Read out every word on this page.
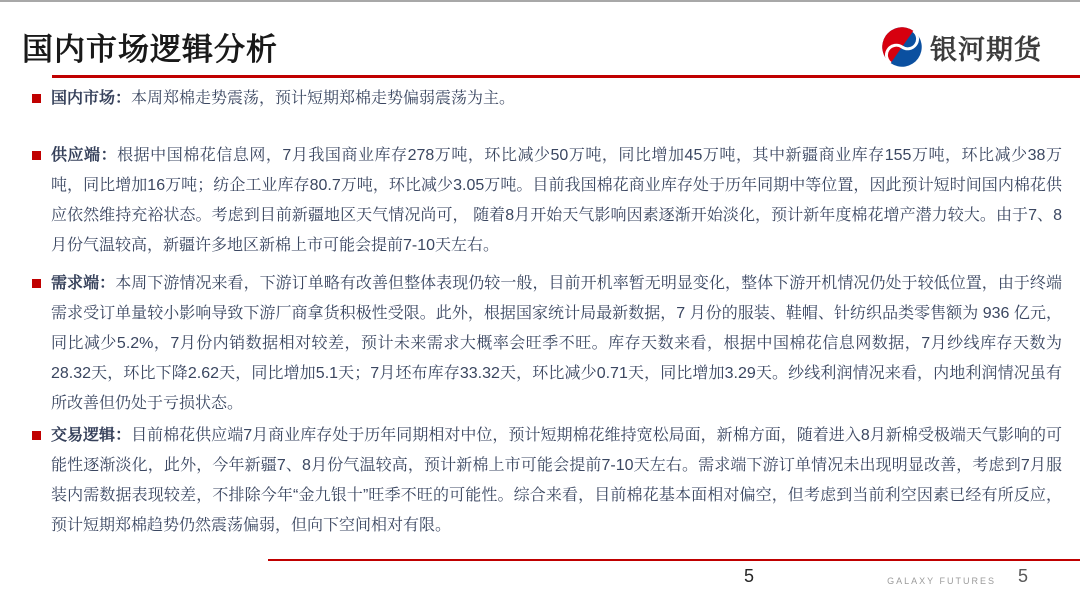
国内市场逻辑分析	银河期货

国内市场：本周郑棉走势震荡，预计短期郑棉走势偏弱震荡为主。

供应端：根据中国棉花信息网，7月我国商业库存278万吨，环比减少50万吨，同比增加45万吨，其中新疆商业库存155万吨，环比减少38万吨，同比增加16万吨；纺企工业库存80.7万吨，环比减少3.05万吨。目前我国棉花商业库存处于历年同期中等位置，因此预计短时间国内棉花供应依然维持充裕状态。考虑到目前新疆地区天气情况尚可， 随着8月开始天气影响因素逐渐开始淡化，预计新年度棉花增产潜力较大。由于7、8月份气温较高，新疆许多地区新棉上市可能会提前7-10天左右。

需求端：本周下游情况来看，下游订单略有改善但整体表现仍较一般，目前开机率暂无明显变化，整体下游开机情况仍处于较低位置，由于终端需求受订单量较小影响导致下游厂商拿货积极性受限。此外，根据国家统计局最新数据，7 月份的服装、鞋帽、针纺织品类零售额为 936 亿元，同比减少5.2%，7月份内销数据相对较差，预计未来需求大概率会旺季不旺。库存天数来看，根据中国棉花信息网数据，7月纱线库存天数为28.32天，环比下降2.62天，同比增加5.1天；7月坯布库存33.32天，环比减少0.71天，同比增加3.29天。纱线利润情况来看，内地利润情况虽有所改善但仍处于亏损状态。

交易逻辑：目前棉花供应端7月商业库存处于历年同期相对中位，预计短期棉花维持宽松局面，新棉方面，随着进入8月新棉受极端天气影响的可能性逐渐淡化，此外，今年新疆7、8月份气温较高，预计新棉上市可能会提前7-10天左右。需求端下游订单情况未出现明显改善，考虑到7月服装内需数据表现较差，不排除今年“金九银十”旺季不旺的可能性。综合来看，目前棉花基本面相对偏空，但考虑到当前利空因素已经有所反应，预计短期郑棉趋势仍然震荡偏弱，但向下空间相对有限。

5	GALAXY FUTURES 5
